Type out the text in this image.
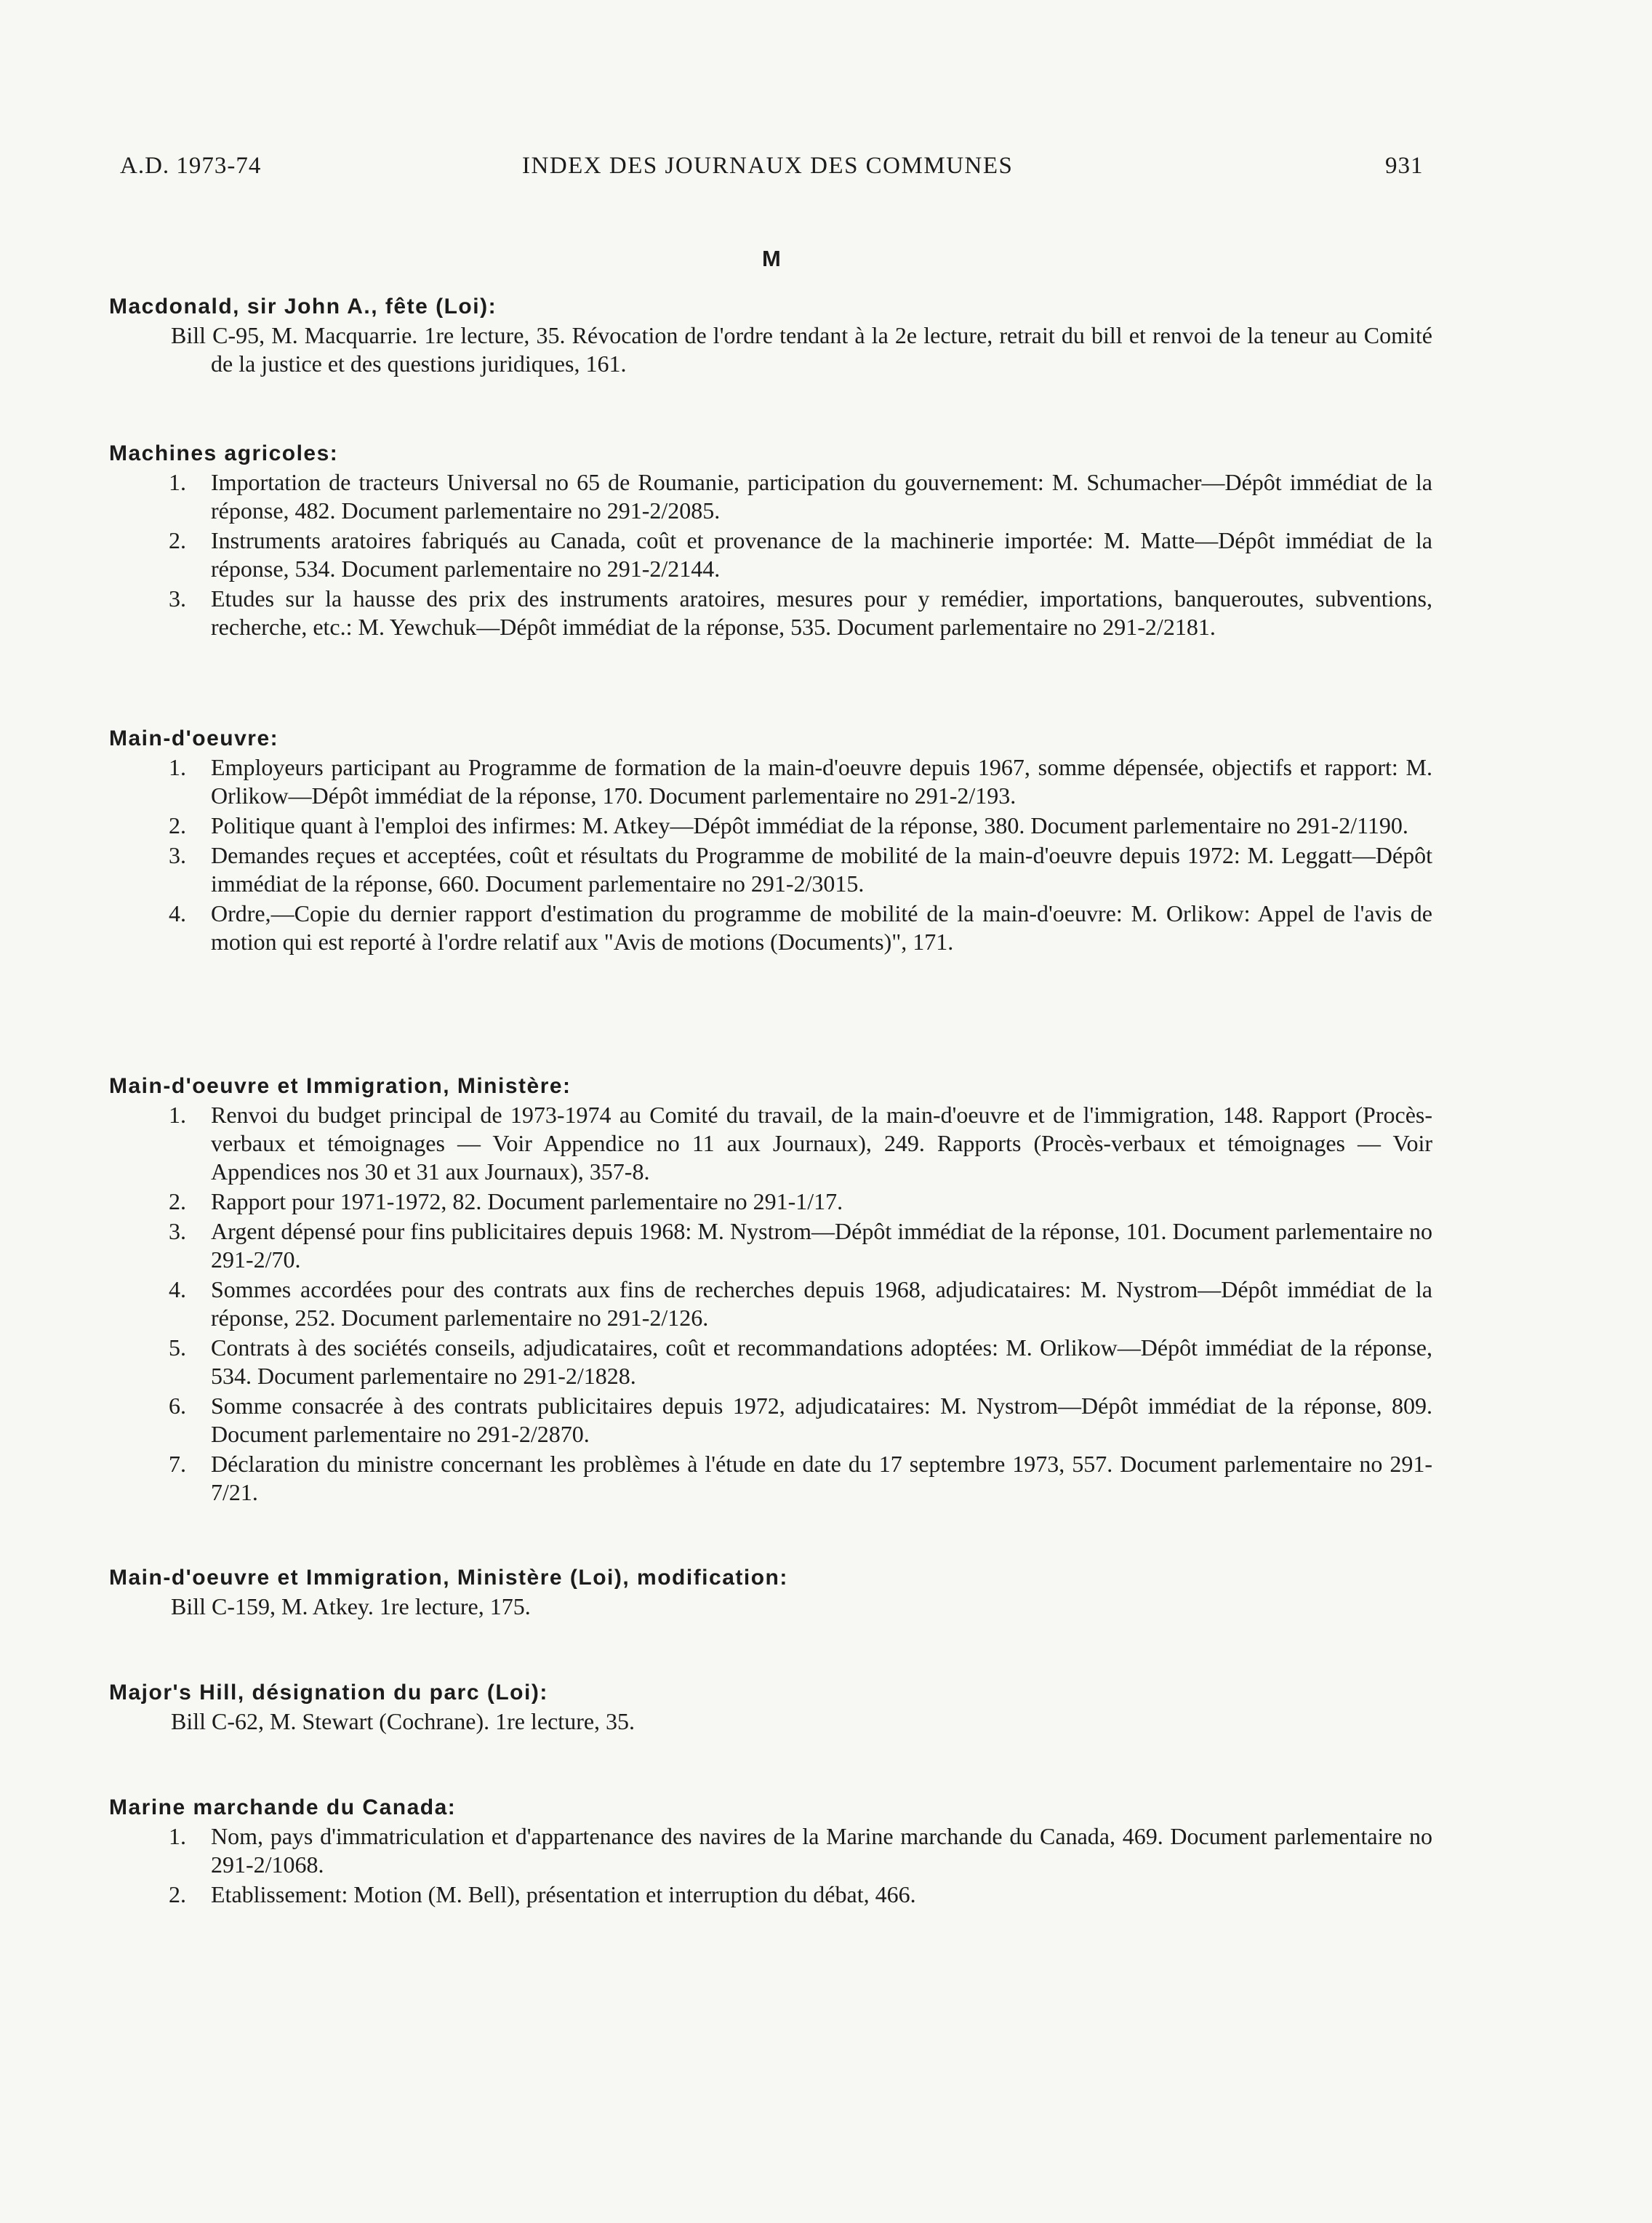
A.D. 1973-74	INDEX DES JOURNAUX DES COMMUNES	931
M
Macdonald, sir John A., fête (Loi):
Bill C-95, M. Macquarrie. 1re lecture, 35. Révocation de l'ordre tendant à la 2e lecture, retrait du bill et renvoi de la teneur au Comité de la justice et des questions juridiques, 161.
Machines agricoles:
1.	Importation de tracteurs Universal no 65 de Roumanie, participation du gouvernement: M. Schumacher—Dépôt immédiat de la réponse, 482. Document parlementaire no 291-2/2085.
2.	Instruments aratoires fabriqués au Canada, coût et provenance de la machinerie importée: M. Matte—Dépôt immédiat de la réponse, 534. Document parlementaire no 291-2/2144.
3.	Etudes sur la hausse des prix des instruments aratoires, mesures pour y remédier, importations, banqueroutes, subventions, recherche, etc.: M. Yewchuk—Dépôt immédiat de la réponse, 535. Document parlementaire no 291-2/2181.
Main-d'oeuvre:
1.	Employeurs participant au Programme de formation de la main-d'oeuvre depuis 1967, somme dépensée, objectifs et rapport: M. Orlikow—Dépôt immédiat de la réponse, 170. Document parlementaire no 291-2/193.
2.	Politique quant à l'emploi des infirmes: M. Atkey—Dépôt immédiat de la réponse, 380. Document parlementaire no 291-2/1190.
3.	Demandes reçues et acceptées, coût et résultats du Programme de mobilité de la main-d'oeuvre depuis 1972: M. Leggatt—Dépôt immédiat de la réponse, 660. Document parlementaire no 291-2/3015.
4.	Ordre,—Copie du dernier rapport d'estimation du programme de mobilité de la main-d'oeuvre: M. Orlikow: Appel de l'avis de motion qui est reporté à l'ordre relatif aux "Avis de motions (Documents)", 171.
Main-d'oeuvre et Immigration, Ministère:
1.	Renvoi du budget principal de 1973-1974 au Comité du travail, de la main-d'oeuvre et de l'immigration, 148. Rapport (Procès-verbaux et témoignages — Voir Appendice no 11 aux Journaux), 249. Rapports (Procès-verbaux et témoignages — Voir Appendices nos 30 et 31 aux Journaux), 357-8.
2.	Rapport pour 1971-1972, 82. Document parlementaire no 291-1/17.
3.	Argent dépensé pour fins publicitaires depuis 1968: M. Nystrom—Dépôt immédiat de la réponse, 101. Document parlementaire no 291-2/70.
4.	Sommes accordées pour des contrats aux fins de recherches depuis 1968, adjudicataires: M. Nystrom—Dépôt immédiat de la réponse, 252. Document parlementaire no 291-2/126.
5.	Contrats à des sociétés conseils, adjudicataires, coût et recommandations adoptées: M. Orlikow—Dépôt immédiat de la réponse, 534. Document parlementaire no 291-2/1828.
6.	Somme consacrée à des contrats publicitaires depuis 1972, adjudicataires: M. Nystrom—Dépôt immédiat de la réponse, 809. Document parlementaire no 291-2/2870.
7.	Déclaration du ministre concernant les problèmes à l'étude en date du 17 septembre 1973, 557. Document parlementaire no 291-7/21.
Main-d'oeuvre et Immigration, Ministère (Loi), modification:
Bill C-159, M. Atkey. 1re lecture, 175.
Major's Hill, désignation du parc (Loi):
Bill C-62, M. Stewart (Cochrane). 1re lecture, 35.
Marine marchande du Canada:
1.	Nom, pays d'immatriculation et d'appartenance des navires de la Marine marchande du Canada, 469. Document parlementaire no 291-2/1068.
2.	Etablissement: Motion (M. Bell), présentation et interruption du débat, 466.
